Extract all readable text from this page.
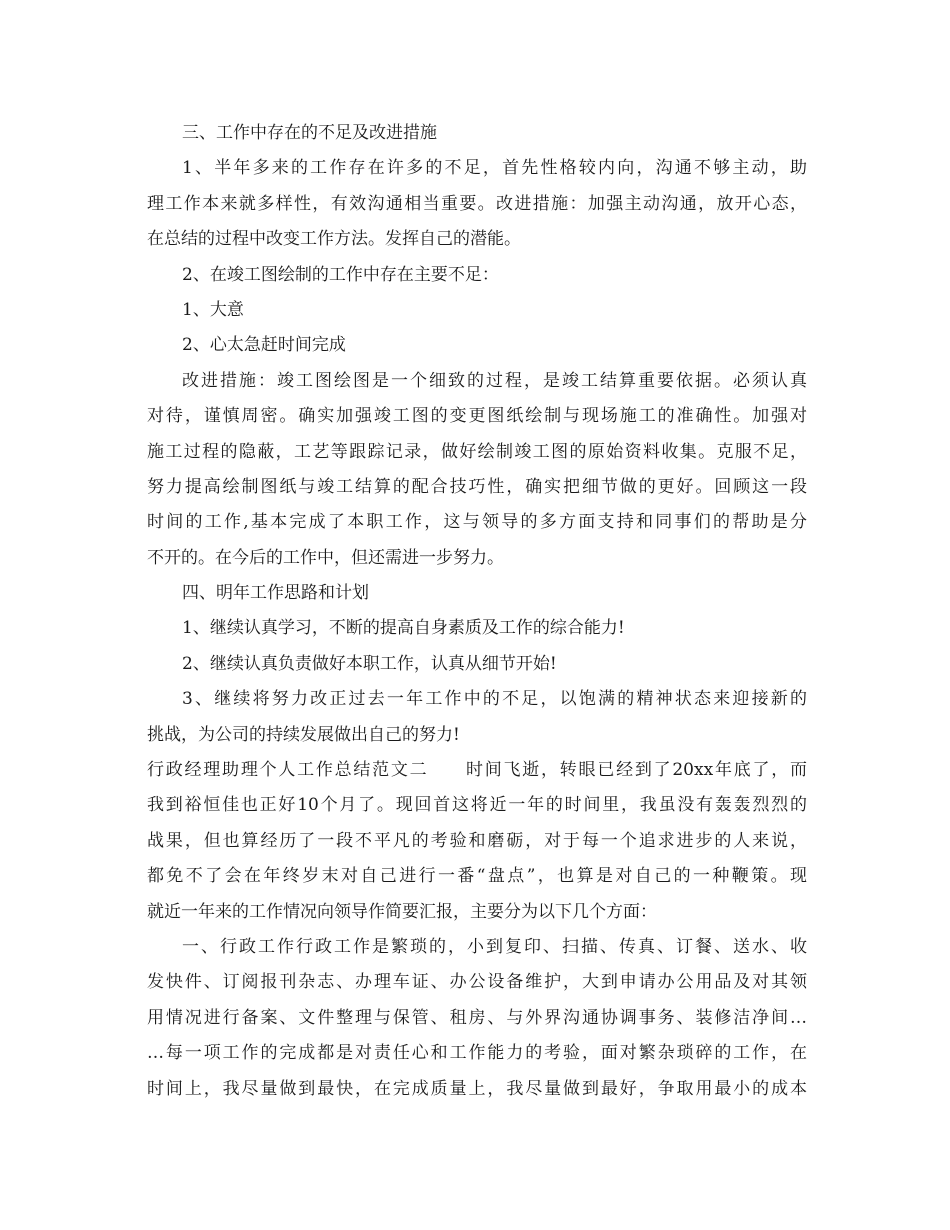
三、工作中存在的不足及改进措施
1、半年多来的工作存在许多的不足，首先性格较内向，沟通不够主动，助
理工作本来就多样性，有效沟通相当重要。改进措施：加强主动沟通，放开心态，
在总结的过程中改变工作方法。发挥自己的潜能。
2、在竣工图绘制的工作中存在主要不足：
1、大意
2、心太急赶时间完成
改进措施：竣工图绘图是一个细致的过程，是竣工结算重要依据。必须认真
对待，谨慎周密。确实加强竣工图的变更图纸绘制与现场施工的准确性。加强对
施工过程的隐蔽，工艺等跟踪记录，做好绘制竣工图的原始资料收集。克服不足，
努力提高绘制图纸与竣工结算的配合技巧性，确实把细节做的更好。回顾这一段
时间的工作,基本完成了本职工作，这与领导的多方面支持和同事们的帮助是分
不开的。在今后的工作中，但还需进一步努力。
四、明年工作思路和计划
1、继续认真学习，不断的提高自身素质及工作的综合能力!
2、继续认真负责做好本职工作，认真从细节开始!
3、继续将努力改正过去一年工作中的不足，以饱满的精神状态来迎接新的
挑战，为公司的持续发展做出自己的努力!
行政经理助理个人工作总结范文二　　时间飞逝，转眼已经到了20xx年底了，而
我到裕恒佳也正好10个月了。现回首这将近一年的时间里，我虽没有轰轰烈烈的
战果，但也算经历了一段不平凡的考验和磨砺，对于每一个追求进步的人来说，
都免不了会在年终岁末对自己进行一番“盘点”，也算是对自己的一种鞭策。现
就近一年来的工作情况向领导作简要汇报，主要分为以下几个方面：
一、行政工作行政工作是繁琐的，小到复印、扫描、传真、订餐、送水、收
发快件、订阅报刊杂志、办理车证、办公设备维护，大到申请办公用品及对其领
用情况进行备案、文件整理与保管、租房、与外界沟通协调事务、装修洁净间…
…每一项工作的完成都是对责任心和工作能力的考验，面对繁杂琐碎的工作，在
时间上，我尽量做到最快，在完成质量上，我尽量做到最好，争取用最小的成本
